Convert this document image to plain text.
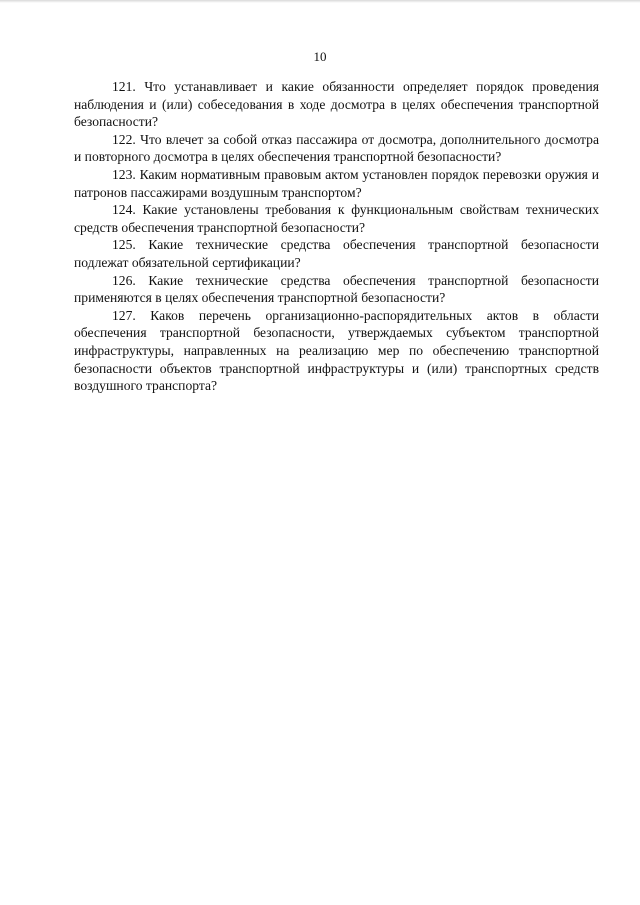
10

121. Что устанавливает и какие обязанности определяет порядок проведения наблюдения и (или) собеседования в ходе досмотра в целях обеспечения транспортной безопасности?

122. Что влечет за собой отказ пассажира от досмотра, дополнительного досмотра и повторного досмотра в целях обеспечения транспортной безопасности?

123. Каким нормативным правовым актом установлен порядок перевозки оружия и патронов пассажирами воздушным транспортом?

124. Какие установлены требования к функциональным свойствам технических средств обеспечения транспортной безопасности?

125. Какие технические средства обеспечения транспортной безопасности подлежат обязательной сертификации?

126. Какие технические средства обеспечения транспортной безопасности применяются в целях обеспечения транспортной безопасности?

127. Каков перечень организационно-распорядительных актов в области обеспечения транспортной безопасности, утверждаемых субъектом транспортной инфраструктуры, направленных на реализацию мер по обеспечению транспортной безопасности объектов транспортной инфраструктуры и (или) транспортных средств воздушного транспорта?
